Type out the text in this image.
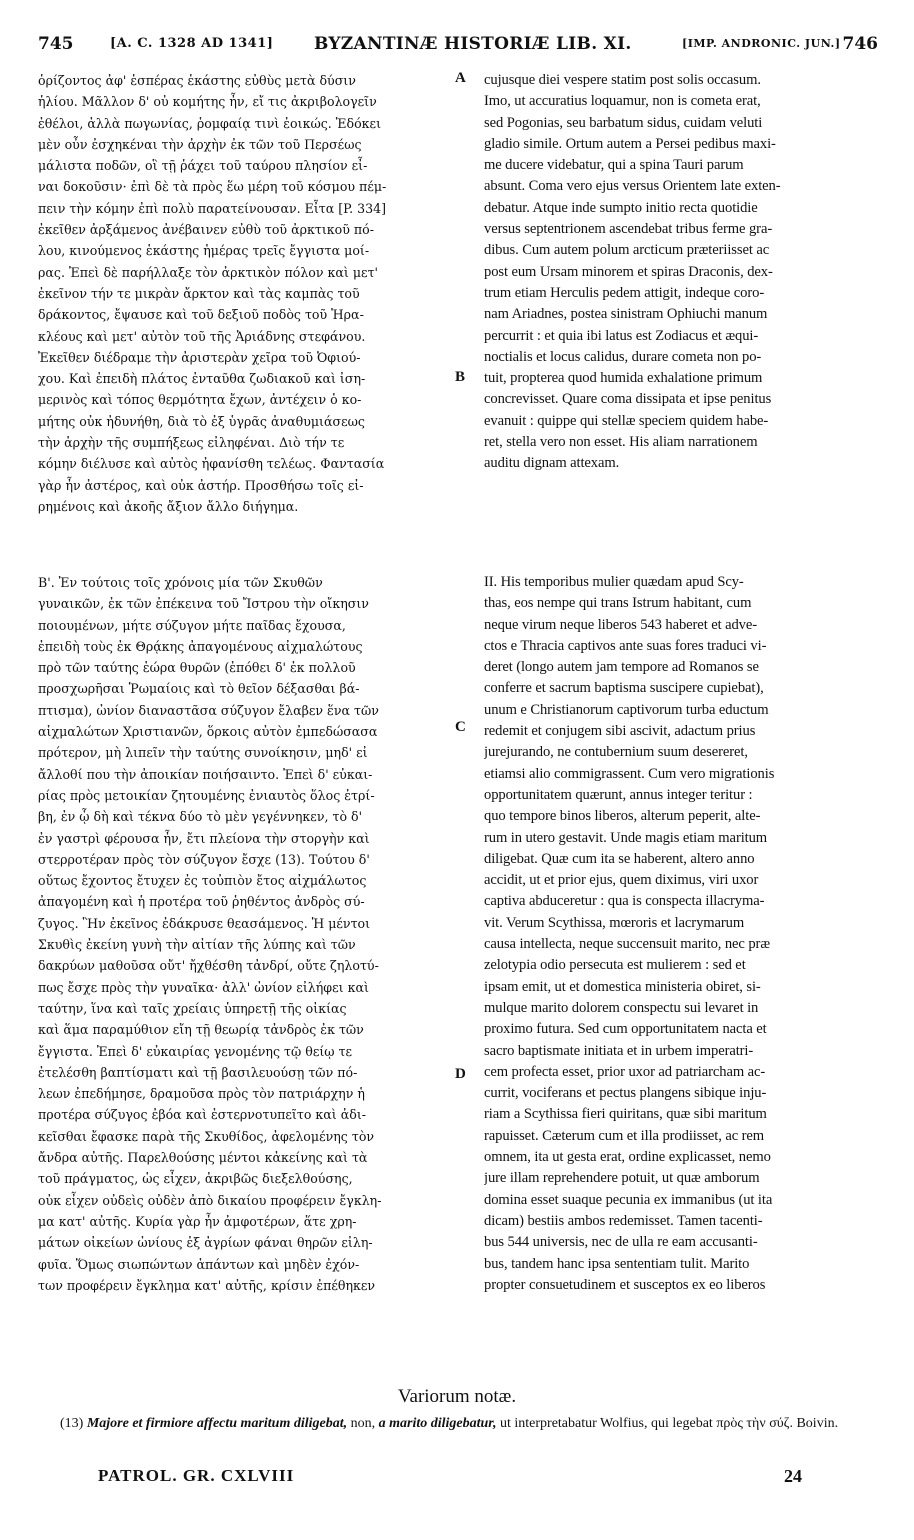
745	[A. C. 1328 AD 1341] BYZANTINÆ HISTORIÆ LIB. XI.	[IMP. ANDRONIC. JUN.] 746
ὁρίζοντος ἀφ' ἑσπέρας ἑκάστης εὐθὺς μετὰ δύσιν
ἡλίου. Μᾶλλον δ' οὐ κομήτης ἦν, εἴ τις ἀκριβολογεῖν
ἐθέλοι, ἀλλὰ πωγωνίας, ῥομφαίᾳ τινὶ ἐοικώς. Ἐδόκει
μὲν οὖν ἐσχηκέναι τὴν ἀρχὴν ἐκ τῶν τοῦ Περσέως
μάλιστα ποδῶν, οἳ τῇ ῥάχει τοῦ ταύρου πλησίον εἶ-
ναι δοκοῦσιν· ἐπὶ δὲ τὰ πρὸς ἕω μέρη τοῦ κόσμου πέμ-
πειν τὴν κόμην ἐπὶ πολὺ παρατείνουσαν. Εἶτα [P. 334]
ἐκεῖθεν ἀρξάμενος ἀνέβαινεν εὐθὺ τοῦ ἀρκτικοῦ πό-
λου, κινούμενος ἑκάστης ἡμέρας τρεῖς ἔγγιστα μοί-
ρας. Ἐπεὶ δὲ παρήλλαξε τὸν ἀρκτικὸν πόλον καὶ μετ'
ἐκεῖνον τήν τε μικρὰν ἄρκτον καὶ τὰς καμπὰς τοῦ
δράκοντος, ἔψαυσε καὶ τοῦ δεξιοῦ ποδὸς τοῦ Ἡρα-
κλέους καὶ μετ' αὐτὸν τοῦ τῆς Ἀριάδνης στεφάνου.
Ἐκεῖθεν διέδραμε τὴν ἀριστερὰν χεῖρα τοῦ Ὀφιού-
χου. Καὶ ἐπειδὴ πλάτος ἐνταῦθα ζωδιακοῦ καὶ ἰση-
μερινὸς καὶ τόπος θερμότητα ἔχων, ἀντέχειν ὁ κο-
μήτης οὐκ ἠδυνήθη, διὰ τὸ ἐξ ὑγρᾶς ἀναθυμιάσεως
τὴν ἀρχὴν τῆς συμπήξεως εἰληφέναι. Διὸ τήν τε
κόμην διέλυσε καὶ αὐτὸς ἠφανίσθη τελέως. Φαντασία
γὰρ ἦν ἀστέρος, καὶ οὐκ ἀστήρ. Προσθήσω τοῖς εἰ-
ρημένοις καὶ ἀκοῆς ἄξιον ἄλλο διήγημα.
cujusque diei vespere statim post solis occasum.
Imo, ut accuratius loquamur, non is cometa erat,
sed Pogonias, seu barbatum sidus, cuidam veluti
gladio simile. Ortum autem a Persei pedibus maxi-
me ducere videbatur, qui a spina Tauri parum
absunt. Coma vero ejus versus Orientem late exten-
debatur. Atque inde sumpto initio recta quotidie
versus septentrionem ascendebat tribus ferme gra-
dibus. Cum autem polum arcticum præteriisset ac
post eum Ursam minorem et spiras Draconis, dex-
trum etiam Herculis pedem attigit, indeque coro-
nam Ariadnes, postea sinistram Ophiuchi manum
percurrit : et quia ibi latus est Zodiacus et æqui-
noctialis et locus calidus, durare cometa non po-
tuit, propterea quod humida exhalatione primum
concrevisset. Quare coma dissipata et ipse penitus
evanuit : quippe qui stellæ speciem quidem habe-
ret, stella vero non esset. His aliam narrationem
auditu dignam attexam.
Β'. Ἐν τούτοις τοῖς χρόνοις μία τῶν Σκυθῶν
γυναικῶν, ἐκ τῶν ἐπέκεινα τοῦ Ἴστρου τὴν οἴκησιν
ποιουμένων, μήτε σύζυγον μήτε παῖδας ἔχουσα,
ἐπειδὴ τοὺς ἐκ Θρᾴκης ἀπαγομένους αἰχμαλώτους
πρὸ τῶν ταύτης ἑώρα θυρῶν (ἐπόθει δ' ἐκ πολλοῦ
προσχωρῆσαι Ῥωμαίοις καὶ τὸ θεῖον δέξασθαι βά-
πτισμα), ὠνίον διαναστᾶσα σύζυγον ἔλαβεν ἕνα τῶν
αἰχμαλώτων Χριστιανῶν, ὅρκοις αὐτὸν ἐμπεδώσασα
πρότερον, μὴ λιπεῖν τὴν ταύτης συνοίκησιν, μηδ' εἰ
ἄλλοθί που τὴν ἀποικίαν ποιήσαιντο. Ἐπεὶ δ' εὐκαι-
ρίας πρὸς μετοικίαν ζητουμένης ἐνιαυτὸς ὅλος ἐτρί-
βη, ἐν ᾧ δὴ καὶ τέκνα δύο τὸ μὲν γεγέννηκεν, τὸ δ'
ἐν γαστρὶ φέρουσα ἦν, ἔτι πλείονα τὴν στοργὴν καὶ
στερροτέραν πρὸς τὸν σύζυγον ἔσχε (13). Τούτου δ'
οὕτως ἔχοντος ἔτυχεν ἐς τοὐπιὸν ἔτος αἰχμάλωτος
ἀπαγομένη καὶ ἡ προτέρα τοῦ ῥηθέντος ἀνδρὸς σύ-
ζυγος. Ἣν ἐκεῖνος ἐδάκρυσε θεασάμενος. Ἡ μέντοι
Σκυθὶς ἐκείνη γυνὴ τὴν αἰτίαν τῆς λύπης καὶ τῶν
δακρύων μαθοῦσα οὔτ' ἤχθέσθη τἀνδρί, οὔτε ζηλοτύ-
πως ἔσχε πρὸς τὴν γυναῖκα· ἀλλ' ὠνίον εἰλήφει καὶ
ταύτην, ἵνα καὶ ταῖς χρείαις ὑπηρετῇ τῆς οἰκίας
καὶ ἅμα παραμύθιον εἴη τῇ θεωρίᾳ τἀνδρὸς ἐκ τῶν
ἔγγιστα. Ἐπεὶ δ' εὐκαιρίας γενομένης τῷ θείῳ τε
ἐτελέσθη βαπτίσματι καὶ τῇ βασιλευούσῃ τῶν πό-
λεων ἐπεδήμησε, δραμοῦσα πρὸς τὸν πατριάρχην ἡ
προτέρα σύζυγος ἐβόα καὶ ἐστερνοτυπεῖτο καὶ ἀδι-
κεῖσθαι ἔφασκε παρὰ τῆς Σκυθίδος, ἀφελομένης τὸν
ἄνδρα αὐτῆς. Παρελθούσης μέντοι κἀκείνης καὶ τὰ
τοῦ πράγματος, ὡς εἶχεν, ἀκριβῶς διεξελθούσης,
οὐκ εἶχεν οὐδεὶς οὐδὲν ἀπὸ δικαίου προφέρειν ἔγκλη-
μα κατ' αὐτῆς. Κυρία γὰρ ἦν ἀμφοτέρων, ἅτε χρη-
μάτων οἰκείων ὠνίους ἐξ ἀγρίων φάναι θηρῶν εἰλη-
φυῖα. Ὅμως σιωπώντων ἁπάντων καὶ μηδὲν ἐχόν-
των προφέρειν ἔγκλημα κατ' αὐτῆς, κρίσιν ἐπέθηκεν
II. His temporibus mulier quædam apud Scy-
thas, eos nempe qui trans Istrum habitant, cum
neque virum neque liberos 543 haberet et adve-
ctos e Thracia captivos ante suas fores traduci vi-
deret (longo autem jam tempore ad Romanos se
conferre et sacrum baptisma suscipere cupiebat),
unum e Christianorum captivorum turba eductum
redemit et conjugem sibi ascivit, adactum prius
jurejurando, ne contubernium suum desereret,
etiamsi alio commigrassent. Cum vero migrationis
opportunitatem quærunt, annus integer teritur :
quo tempore binos liberos, alterum peperit, alte-
rum in utero gestavit. Unde magis etiam maritum
diligebat. Quæ cum ita se haberent, altero anno
accidit, ut et prior ejus, quem diximus, viri uxor
captiva abduceretur : qua is conspecta illacryma-
vit. Verum Scythissa, mœroris et lacrymarum
causa intellecta, neque succensuit marito, nec præ
zelotypia odio persecuta est mulierem : sed et
ipsam emit, ut et domestica ministeria obiret, si-
mulque marito dolorem conspectu sui levaret in
proximo futura. Sed cum opportunitatem nacta et
sacro baptismate initiata et in urbem imperatri-
cem profecta esset, prior uxor ad patriarcham ac-
currit, vociferans et pectus plangens sibique inju-
riam a Scythissa fieri quiritans, quæ sibi maritum
rapuisset. Cæterum cum et illa prodiisset, ac rem
omnem, ita ut gesta erat, ordine explicasset, nemo
jure illam reprehendere potuit, ut quæ amborum
domina esset suaque pecunia ex immanibus (ut ita
dicam) bestiis ambos redemisset. Tamen tacenti-
bus 544 universis, nec de ulla re eam accusanti-
bus, tandem hanc ipsa sententiam tulit. Marito
propter consuetudinem et susceptos ex eo liberos
A
B
C
D
Variorum notæ.
(13) Majore et firmiore affectu maritum diligebat, non, a marito diligebatur, ut interpretabatur Wolfius, qui legebat πρὸς τὴν σύζ. Boivin.
PATROL. GR. CXLVIII	24
